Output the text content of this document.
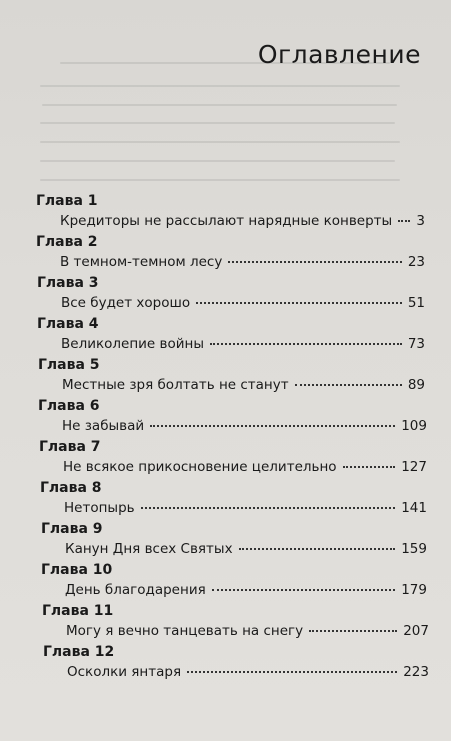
Оглавление
Глава 1
Кредиторы не рассылают нарядные конверты 3
Глава 2
В темном-темном лесу	23
Глава 3
Все будет хорошо	51
Глава 4
Великолепие войны	73
Глава 5
Местные зря болтать не станут	89
Глава 6
Не забывай	109
Глава 7
Не всякое прикосновение целительно	127
Глава 8
Нетопырь	141
Глава 9
Канун Дня всех Святых	159
Глава 10
День благодарения	179
Глава 11
Могу я вечно танцевать на снегу	207
Глава 12
Осколки янтаря	223
